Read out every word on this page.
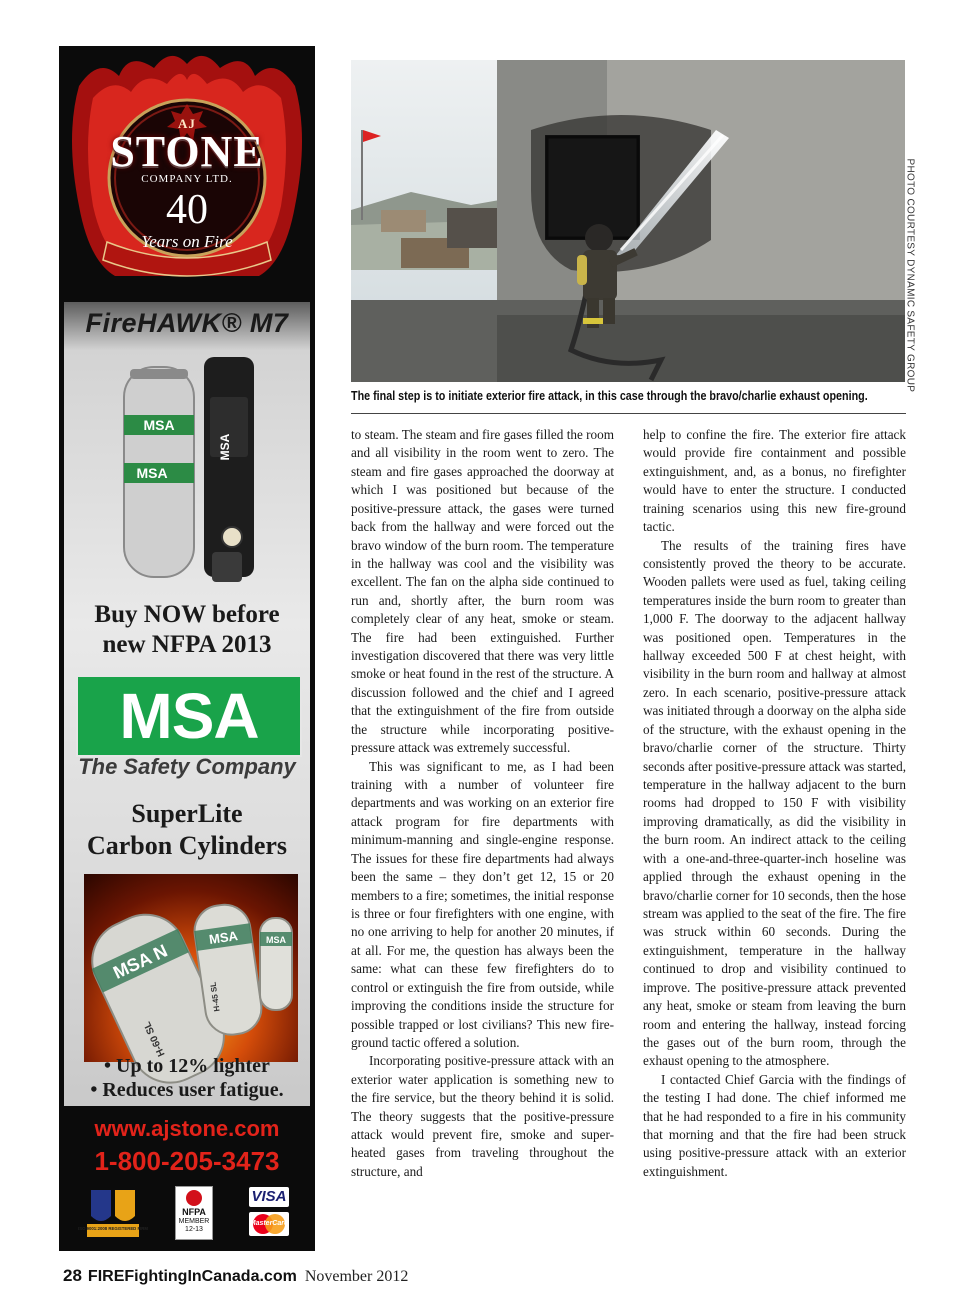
AJ
STONE
COMPANY LTD.
40
Years on Fire
FireHAWK® M7
MSA
MSA
MSA
Buy NOW before
new NFPA 2013
MSA
The Safety Company
SuperLite
Carbon Cylinders
MSA N
H-60 SL
MSA
H-45 SL
MSA
• Up to 12% lighter
• Reduces user fatigue.
www.ajstone.com
1-800-205-3473
ISO 9001:2008 REGISTERED FIRM
NFPA
MEMBER
12-13
VISA
MasterCard
PHOTO COURTESY DYNAMIC SAFETY GROUP
The final step is to initiate exterior fire attack, in this case through the bravo/charlie exhaust opening.

to steam. The steam and fire gases filled the room and all visibility in the room went to zero. The steam and fire gases approached the doorway at which I was positioned but because of the positive-pressure attack, the gases were turned back from the hallway and were forced out the bravo window of the burn room. The temperature in the hallway was cool and the visibility was excellent. The fan on the alpha side continued to run and, shortly after, the burn room was completely clear of any heat, smoke or steam. The fire had been extinguished. Further investigation discovered that there was very little smoke or heat found in the rest of the structure. A discussion followed and the chief and I agreed that the extinguishment of the fire from outside the structure while incorporating positive-pressure attack was extremely successful.

This was significant to me, as I had been training with a number of volunteer fire departments and was working on an exterior fire attack program for fire departments with minimum-manning and single-engine response. The issues for these fire departments had always been the same – they don’t get 12, 15 or 20 members to a fire; sometimes, the initial response is three or four firefighters with one engine, with no one arriving to help for another 20 minutes, if at all. For me, the question has always been the same: what can these few firefighters do to control or extinguish the fire from outside, while improving the conditions inside the structure for possible trapped or lost civilians? This new fire-ground tactic offered a solution.

Incorporating positive-pressure attack with an exterior water application is something new to the fire service, but the theory behind it is solid. The theory suggests that the positive-pressure attack would prevent fire, smoke and super-heated gases from traveling throughout the structure, and

help to confine the fire. The exterior fire attack would provide fire containment and possible extinguishment, and, as a bonus, no firefighter would have to enter the structure. I conducted training scenarios using this new fire-ground tactic.

The results of the training fires have consistently proved the theory to be accurate. Wooden pallets were used as fuel, taking ceiling temperatures inside the burn room to greater than 1,000 F. The doorway to the adjacent hallway was positioned open. Temperatures in the hallway exceeded 500 F at chest height, with visibility in the burn room and hallway at almost zero. In each scenario, positive-pressure attack was initiated through a doorway on the alpha side of the structure, with the exhaust opening in the bravo/charlie corner of the structure. Thirty seconds after positive-pressure attack was started, temperature in the hallway adjacent to the burn rooms had dropped to 150 F with visibility improving dramatically, as did the visibility in the burn room. An indirect attack to the ceiling with a one-and-three-quarter-inch hoseline was applied through the exhaust opening in the bravo/charlie corner for 10 seconds, then the hose stream was applied to the seat of the fire. The fire was struck within 60 seconds. During the extinguishment, temperature in the hallway continued to drop and visibility continued to improve. The positive-pressure attack prevented any heat, smoke or steam from leaving the burn room and entering the hallway, instead forcing the gases out of the burn room, through the exhaust opening to the atmosphere.

I contacted Chief Garcia with the findings of the testing I had done. The chief informed me that he had responded to a fire in his community that morning and that the fire had been struck using positive-pressure attack with an exterior extinguishment.

28 FIREFightingInCanada.com November 2012
